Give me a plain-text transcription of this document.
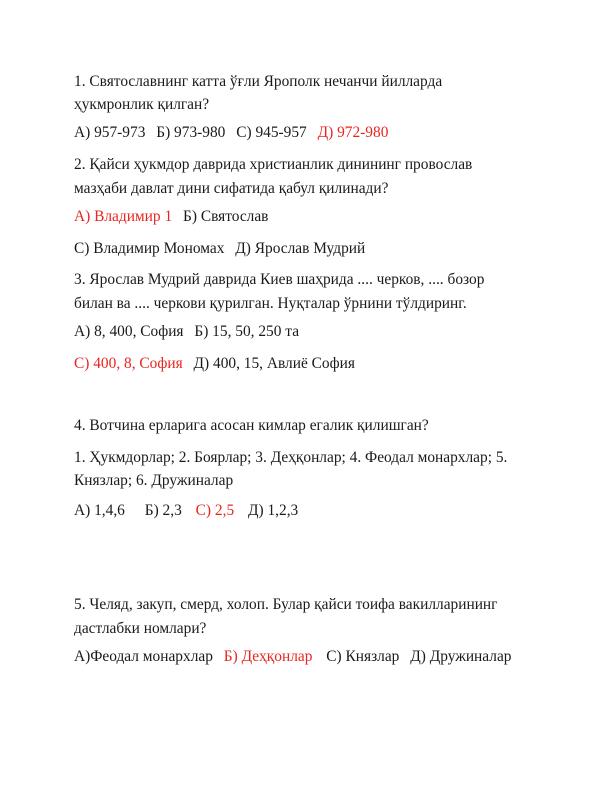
1. Святославнинг катта ўғли Ярополк нечанчи йилларда
ҳукмронлик қилган?
А) 957-973 Б) 973-980 С) 945-957 Д) 972-980
2. Қайси ҳукмдор даврида христианлик динининг провослав
мазҳаби давлат дини сифатида қабул қилинади?
А) Владимир 1 Б) Святослав
С) Владимир Мономах Д) Ярослав Мудрий
3. Ярослав Мудрий даврида Киев шаҳрида .... черков, .... бозор
билан ва .... черкови қурилган. Нуқталар ўрнини тўлдиринг.
А) 8, 400, София Б) 15, 50, 250 та
С) 400, 8, София Д) 400, 15, Авлиё София
4. Вотчина ерларига асосан кимлар егалик қилишган?
1. Ҳукмдорлар; 2. Боярлар; 3. Деҳқонлар; 4. Феодал монархлар; 5.
Князлар; 6. Дружиналар
А) 1,4,6 Б) 2,3 С) 2,5 Д) 1,2,3
5. Челяд, закуп, смерд, холоп. Булар қайси тоифа вакилларининг
дастлабки номлари?
А)Феодал монархлар Б) Деҳқонлар С) Князлар Д) Дружиналар
